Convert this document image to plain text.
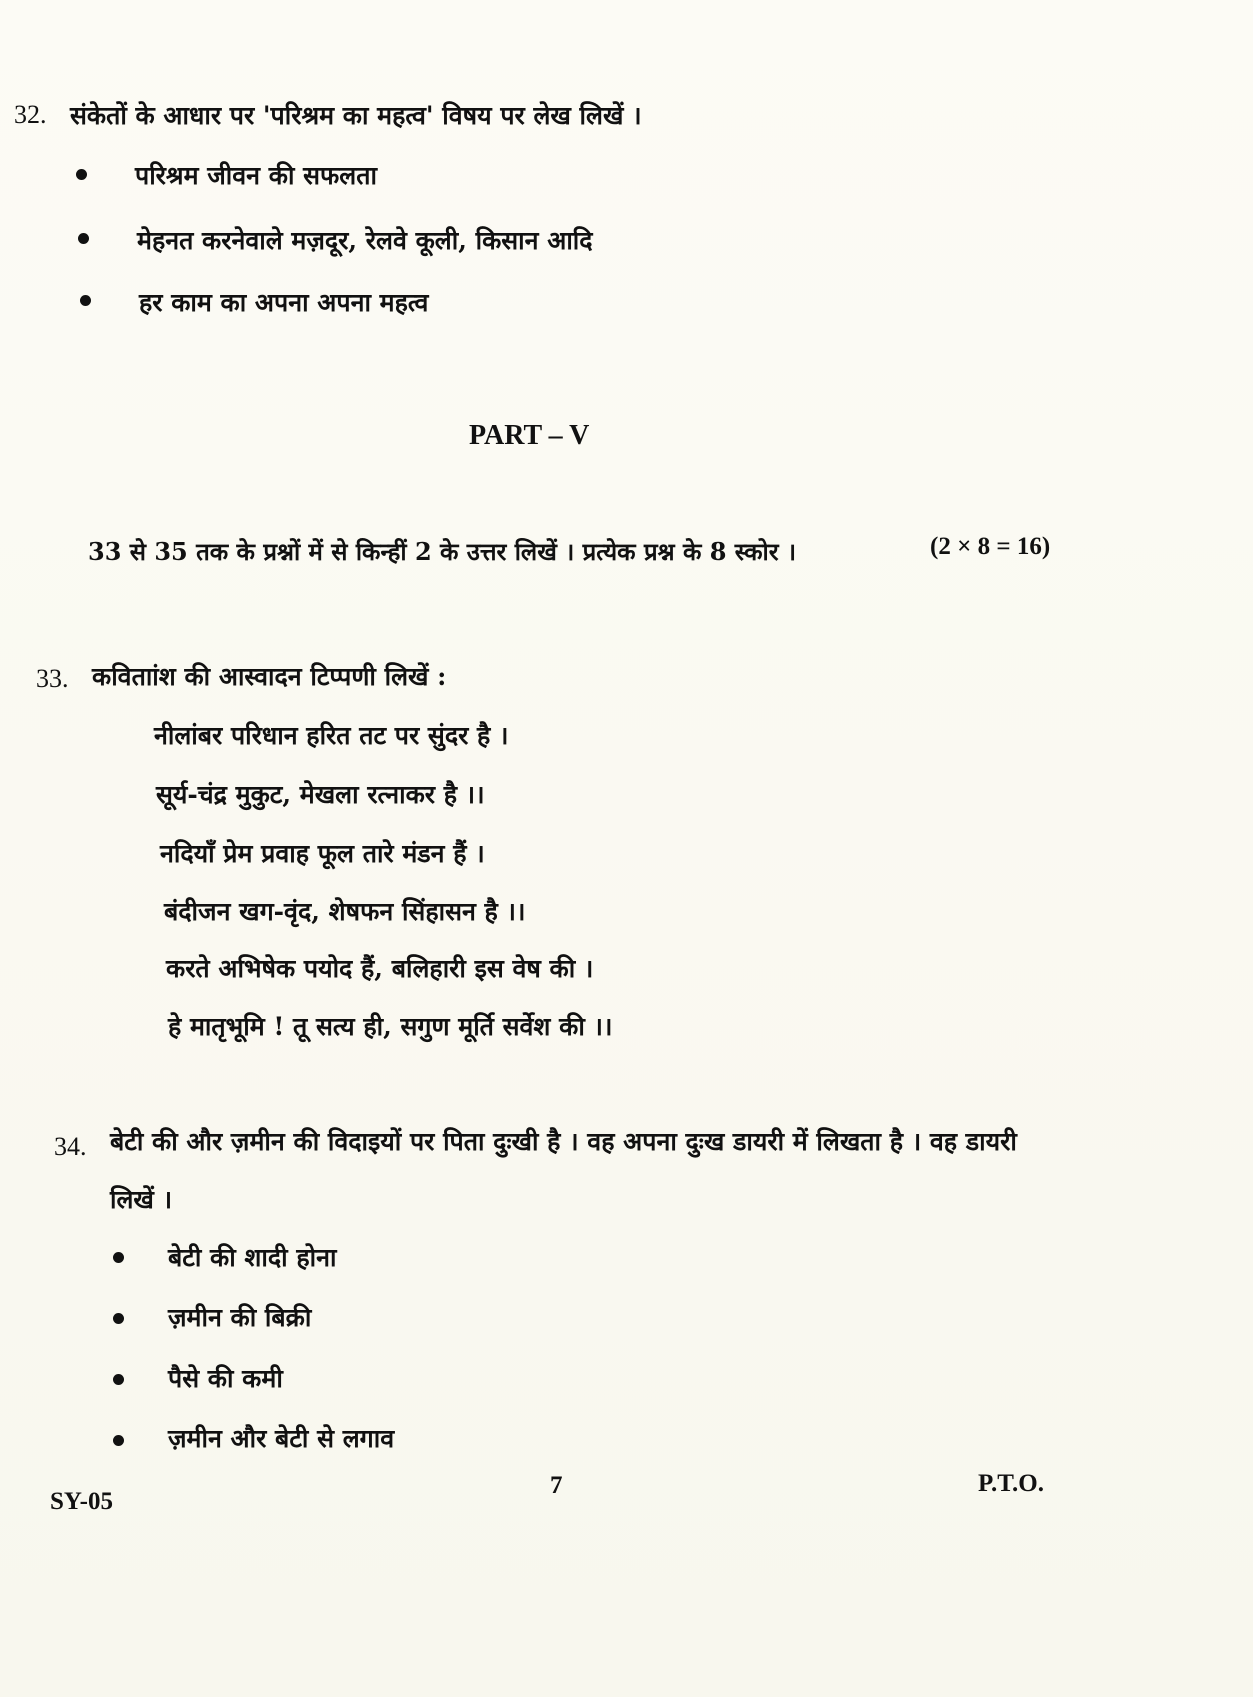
32. संकेतों के आधार पर 'परिश्रम का महत्व' विषय पर लेख लिखें ।
परिश्रम जीवन की सफलता
मेहनत करनेवाले मज़दूर, रेलवे कूली, किसान आदि
हर काम का अपना अपना महत्व
PART – V
33 से 35 तक के प्रश्नों में से किन्हीं 2 के उत्तर लिखें । प्रत्येक प्रश्न के 8 स्कोर ।	(2 × 8 = 16)
33. कविताांश की आस्वादन टिप्पणी लिखें :
नीलांबर परिधान हरित तट पर सुंदर है ।
सूर्य-चंद्र मुकुट, मेखला रत्नाकर है ।।
नदियाँ प्रेम प्रवाह फूल तारे मंडन हैं ।
बंदीजन खग-वृंद, शेषफन सिंहासन है ।।
करते अभिषेक पयोद हैं, बलिहारी इस वेष की ।
हे मातृभूमि ! तू सत्य ही, सगुण मूर्ति सर्वेश की ।।
34. बेटी की और ज़मीन की विदाइयों पर पिता दुःखी है । वह अपना दुःख डायरी में लिखता है । वह डायरी
लिखें ।
बेटी की शादी होना
ज़मीन की बिक्री
पैसे की कमी
ज़मीन और बेटी से लगाव
SY-05
7	P.T.O.
